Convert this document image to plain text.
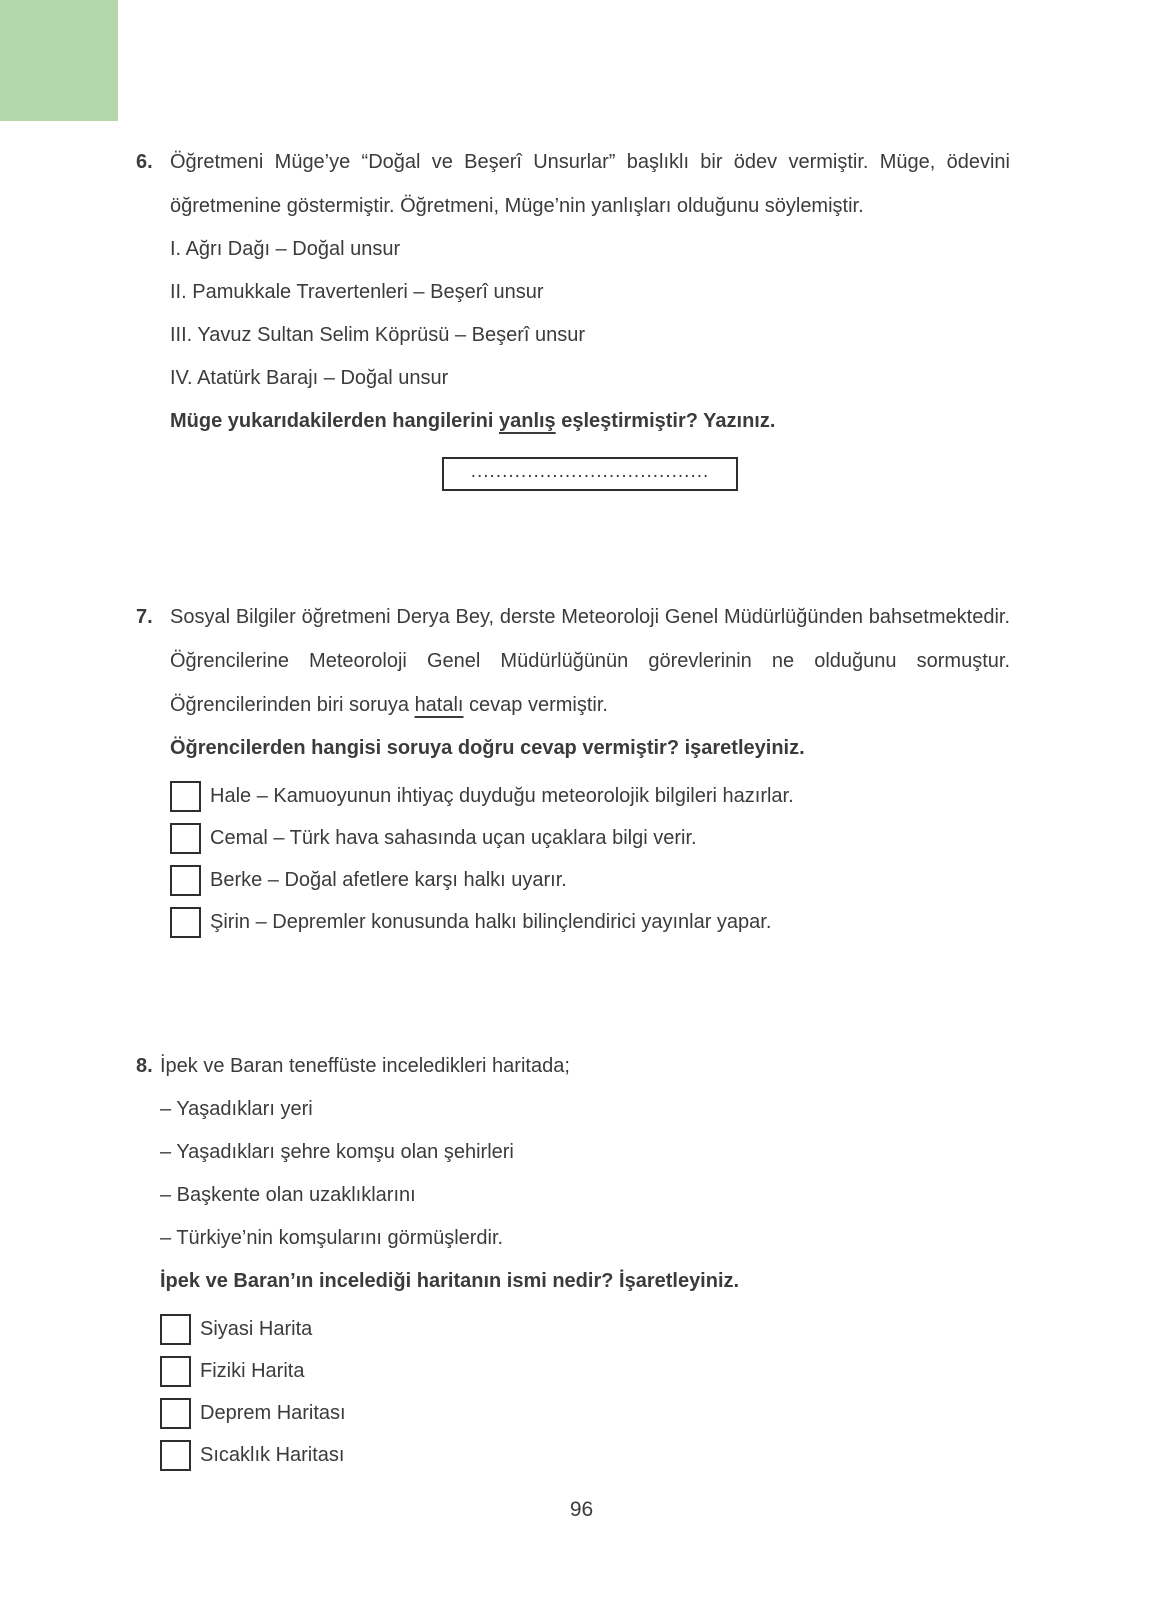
6. Öğretmeni Müge’ye “Doğal ve Beşerî Unsurlar” başlıklı bir ödev vermiştir. Müge, ödevini öğretmenine göstermiştir. Öğretmeni, Müge’nin yanlışları olduğunu söylemiştir.

I. Ağrı Dağı – Doğal unsur

II. Pamukkale Travertenleri – Beşerî unsur

III. Yavuz Sultan Selim Köprüsü – Beşerî unsur

IV. Atatürk Barajı – Doğal unsur

Müge yukarıdakilerden hangilerini yanlış eşleştirmiştir? Yazınız.

......................................
7. Sosyal Bilgiler öğretmeni Derya Bey, derste Meteoroloji Genel Müdürlüğünden bahsetmektedir. Öğrencilerine Meteoroloji Genel Müdürlüğünün görevlerinin ne olduğunu sormuştur. Öğrencilerinden biri soruya hatalı cevap vermiştir.

Öğrencilerden hangisi soruya doğru cevap vermiştir? işaretleyiniz.

Hale – Kamuoyunun ihtiyaç duyduğu meteorolojik bilgileri hazırlar.
Cemal – Türk hava sahasında uçan uçaklara bilgi verir.
Berke – Doğal afetlere karşı halkı uyarır.
Şirin – Depremler konusunda halkı bilinçlendirici yayınlar yapar.
8. İpek ve Baran teneffüste inceledikleri haritada;

– Yaşadıkları yeri

– Yaşadıkları şehre komşu olan şehirleri

– Başkente olan uzaklıklarını

– Türkiye’nin komşularını görmüşlerdir.

İpek ve Baran’ın incelediği haritanın ismi nedir? İşaretleyiniz.

Siyasi Harita
Fiziki Harita
Deprem Haritası
Sıcaklık Haritası
96
